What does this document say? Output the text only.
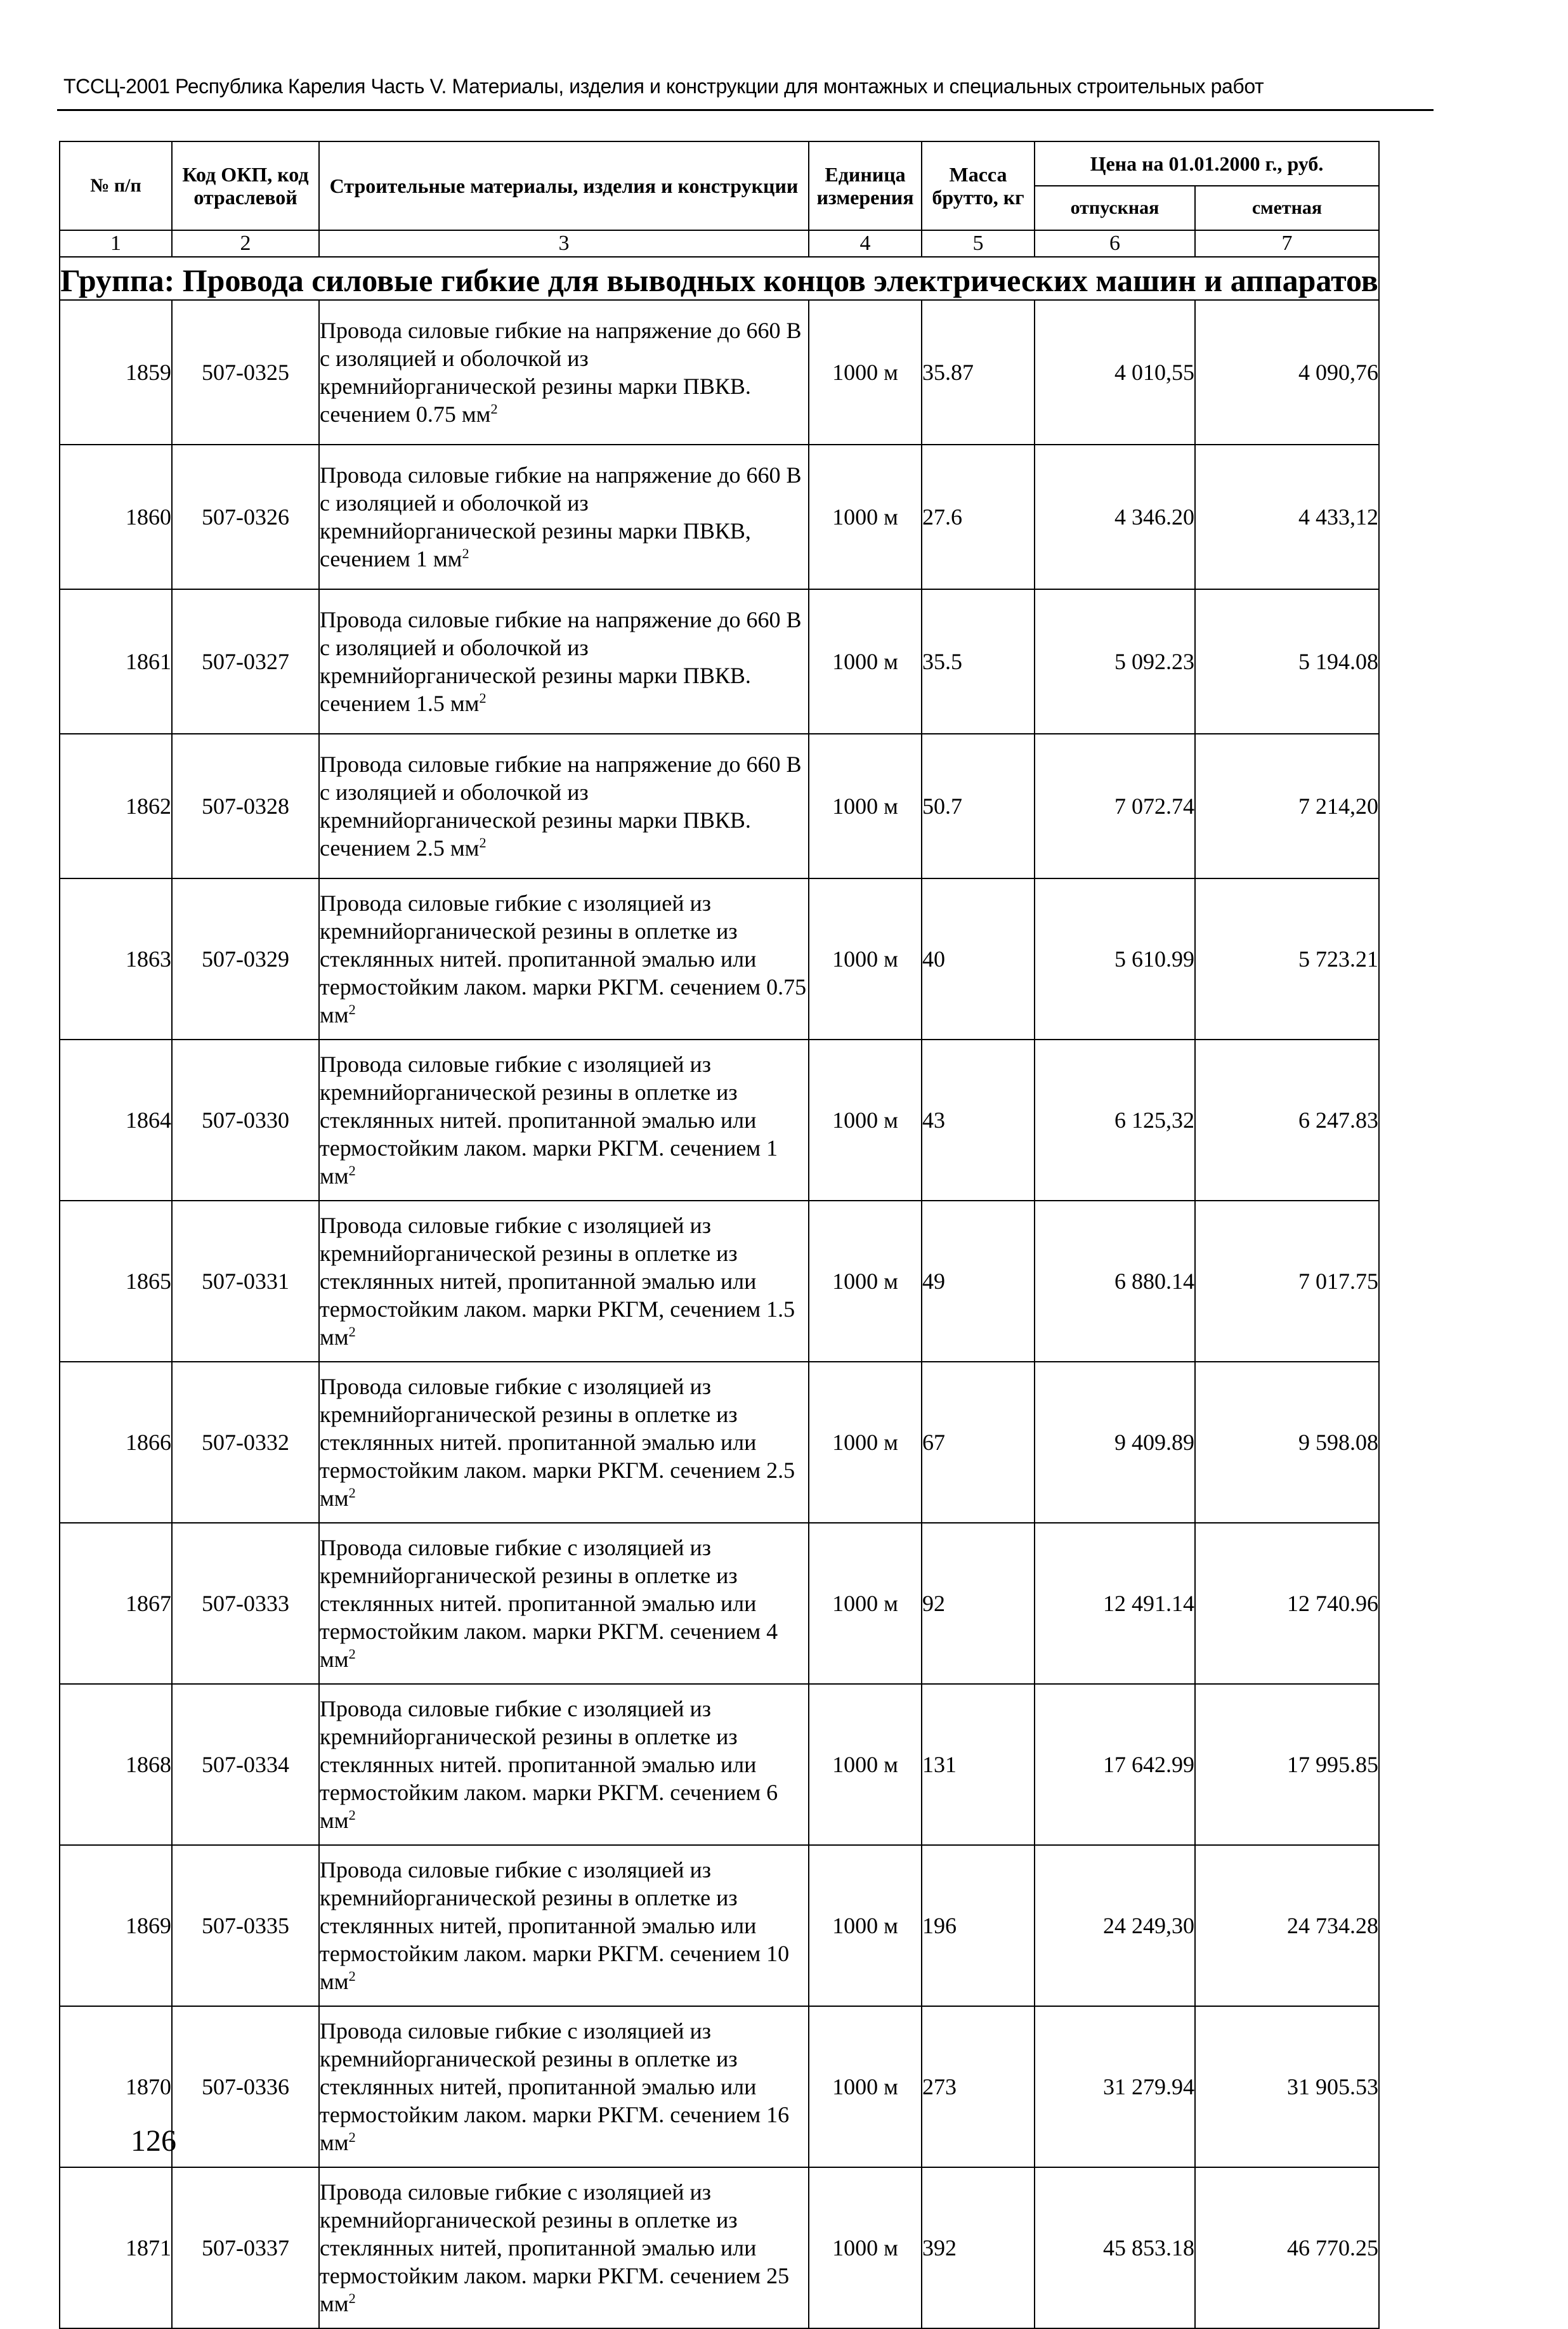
ТССЦ-2001 Республика Карелия Часть V. Материалы, изделия и конструкции для монтажных и специальных строительных работ
№ п/п	Код ОКП, код отраслевой	Строительные материалы, изделия и конструкции	Единица измерения	Масса брутто, кг	Цена на 01.01.2000 г., руб.	
					отпускная	сметная
1	2	3	4	5	6	7
Группа: Провода силовые гибкие для выводных концов электрических машин и аппаратов						
1859	507-0325	Провода силовые гибкие на напряжение до 660 В с изоляцией и оболочкой из кремнийорганической резины марки ПВКВ. сечением 0.75 $мм^2$	1000 м	35.87	4 010,55	4 090,76
1860	507-0326	Провода силовые гибкие на напряжение до 660 В с изоляцией и оболочкой из кремнийорганической резины марки ПВКВ, сечением 1 $мм^2$	1000 м	27.6	4 346.20	4 433,12
1861	507-0327	Провода силовые гибкие на напряжение до 660 В с изоляцией и оболочкой из кремнийорганической резины марки ПВКВ. сечением 1.5 $мм^2$	1000 м	35.5	5 092.23	5 194.08
1862	507-0328	Провода силовые гибкие на напряжение до 660 В с изоляцией и оболочкой из кремнийорганической резины марки ПВКВ. сечением 2.5 $мм^2$	1000 м	50.7	7 072.74	7 214,20
1863	507-0329	Провода силовые гибкие с изоляцией из кремнийорганической резины в оплетке из стеклянных нитей. пропитанной эмалью или термостойким лаком. марки РКГМ. сечением 0.75 $мм^2$	1000 м	40	5 610.99	5 723.21
1864	507-0330	Провода силовые гибкие с изоляцией из кремнийорганической резины в оплетке из стеклянных нитей. пропитанной эмалью или термостойким лаком. марки РКГМ. сечением 1 $мм^2$	1000 м	43	6 125,32	6 247.83
1865	507-0331	Провода силовые гибкие с изоляцией из кремнийорганической резины в оплетке из стеклянных нитей, пропитанной эмалью или термостойким лаком. марки РКГМ, сечением 1.5 $мм^2$	1000 м	49	6 880.14	7 017.75
1866	507-0332	Провода силовые гибкие с изоляцией из кремнийорганической резины в оплетке из стеклянных нитей. пропитанной эмалью или термостойким лаком. марки РКГМ. сечением 2.5 $мм^2$	1000 м	67	9 409.89	9 598.08
1867	507-0333	Провода силовые гибкие с изоляцией из кремнийорганической резины в оплетке из стеклянных нитей. пропитанной эмалью или термостойким лаком. марки РКГМ. сечением 4 $мм^2$	1000 м	92	12 491.14	12 740.96
1868	507-0334	Провода силовые гибкие с изоляцией из кремнийорганической резины в оплетке из стеклянных нитей. пропитанной эмалью или термостойким лаком. марки РКГМ. сечением 6 $мм^2$	1000 м	131	17 642.99	17 995.85
1869	507-0335	Провода силовые гибкие с изоляцией из кремнийорганической резины в оплетке из стеклянных нитей, пропитанной эмалью или термостойким лаком. марки РКГМ. сечением 10 $мм^2$	1000 м	196	24 249,30	24 734.28
1870	507-0336	Провода силовые гибкие с изоляцией из кремнийорганической резины в оплетке из стеклянных нитей, пропитанной эмалью или термостойким лаком. марки РКГМ. сечением 16 $мм^2$	1000 м	273	31 279.94	31 905.53
1871	507-0337	Провода силовые гибкие с изоляцией из кремнийорганической резины в оплетке из стеклянных нитей, пропитанной эмалью или термостойким лаком. марки РКГМ. сечением 25 $мм^2$	1000 м	392	45 853.18	46 770.25
126
